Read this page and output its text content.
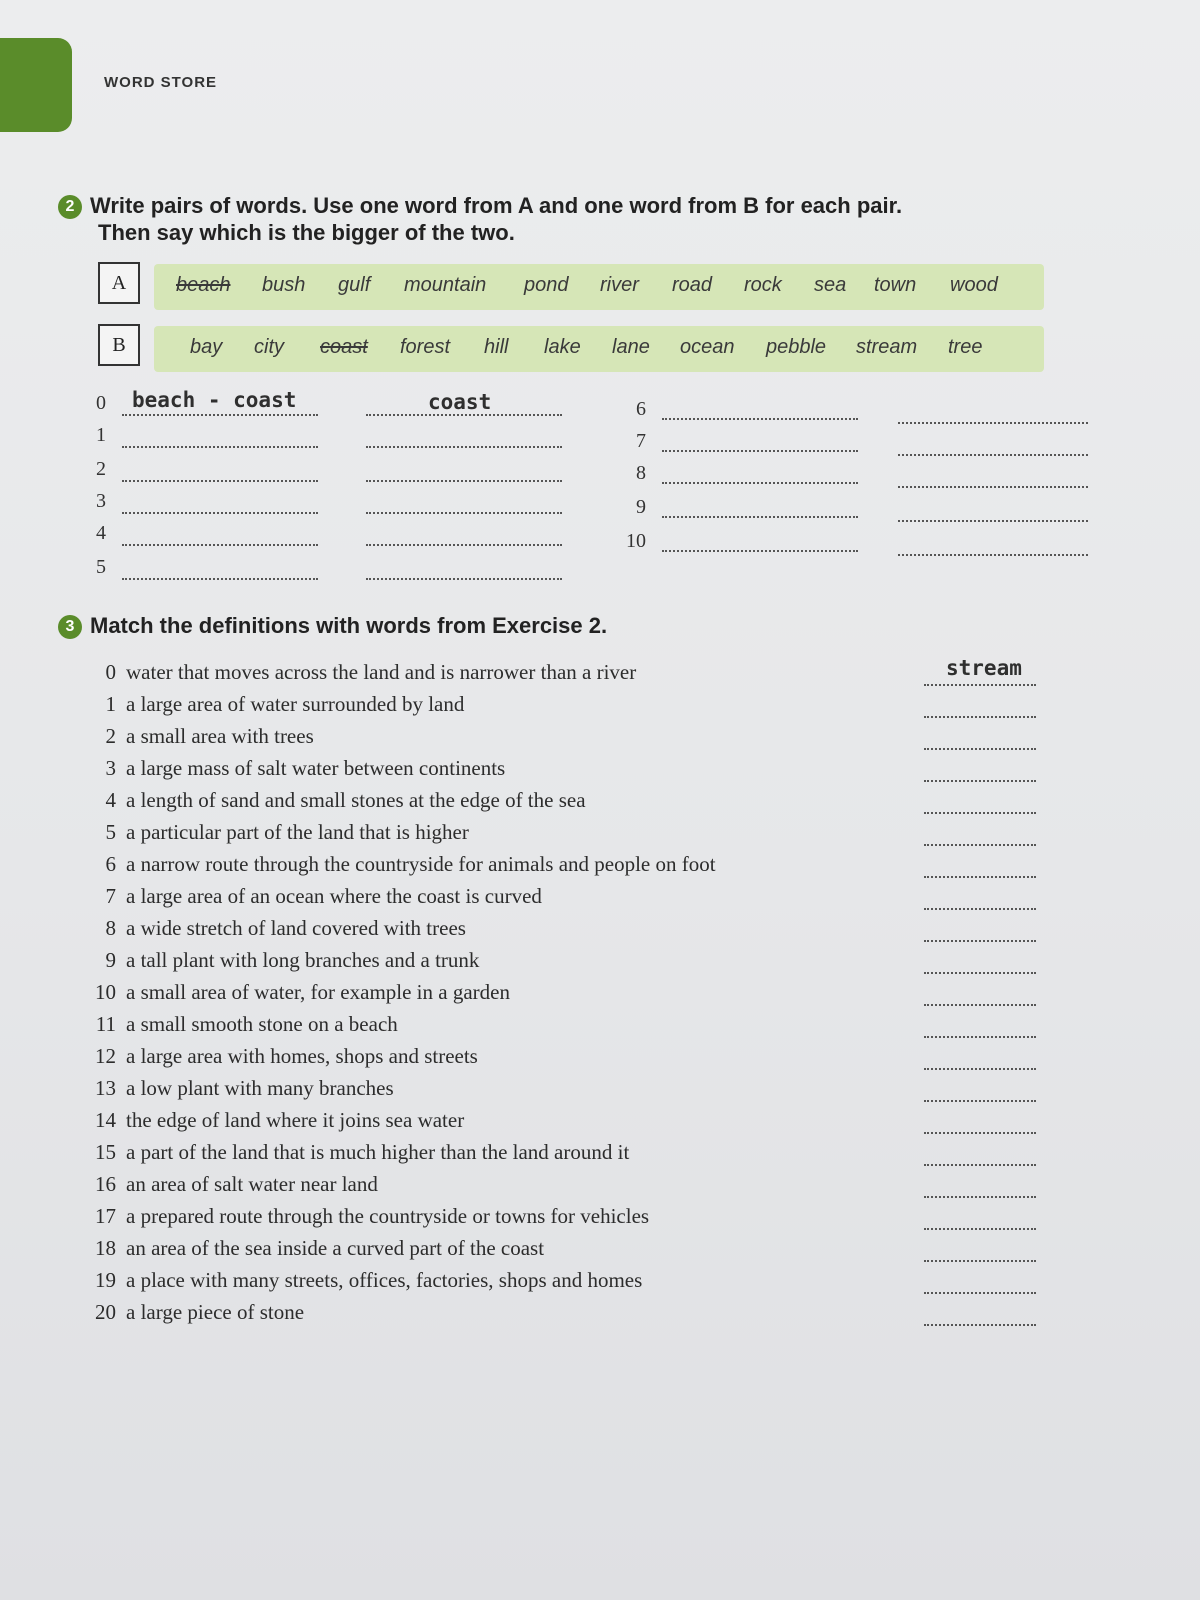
WORD STORE
2 Write pairs of words. Use one word from A and one word from B for each pair.
Then say which is the bigger of the two.
A	beach bush gulf mountain pond river road rock sea town wood
B	bay city coast forest hill lake lane ocean pebble stream tree
0 beach - coast	coast
1
2
3
4
5
6
7
8
9
10
3 Match the definitions with words from Exercise 2.
0 water that moves across the land and is narrower than a river	stream
1 a large area of water surrounded by land
2 a small area with trees
3 a large mass of salt water between continents
4 a length of sand and small stones at the edge of the sea
5 a particular part of the land that is higher
6 a narrow route through the countryside for animals and people on foot
7 a large area of an ocean where the coast is curved
8 a wide stretch of land covered with trees
9 a tall plant with long branches and a trunk
10 a small area of water, for example in a garden
11 a small smooth stone on a beach
12 a large area with homes, shops and streets
13 a low plant with many branches
14 the edge of land where it joins sea water
15 a part of the land that is much higher than the land around it
16 an area of salt water near land
17 a prepared route through the countryside or towns for vehicles
18 an area of the sea inside a curved part of the coast
19 a place with many streets, offices, factories, shops and homes
20 a large piece of stone
